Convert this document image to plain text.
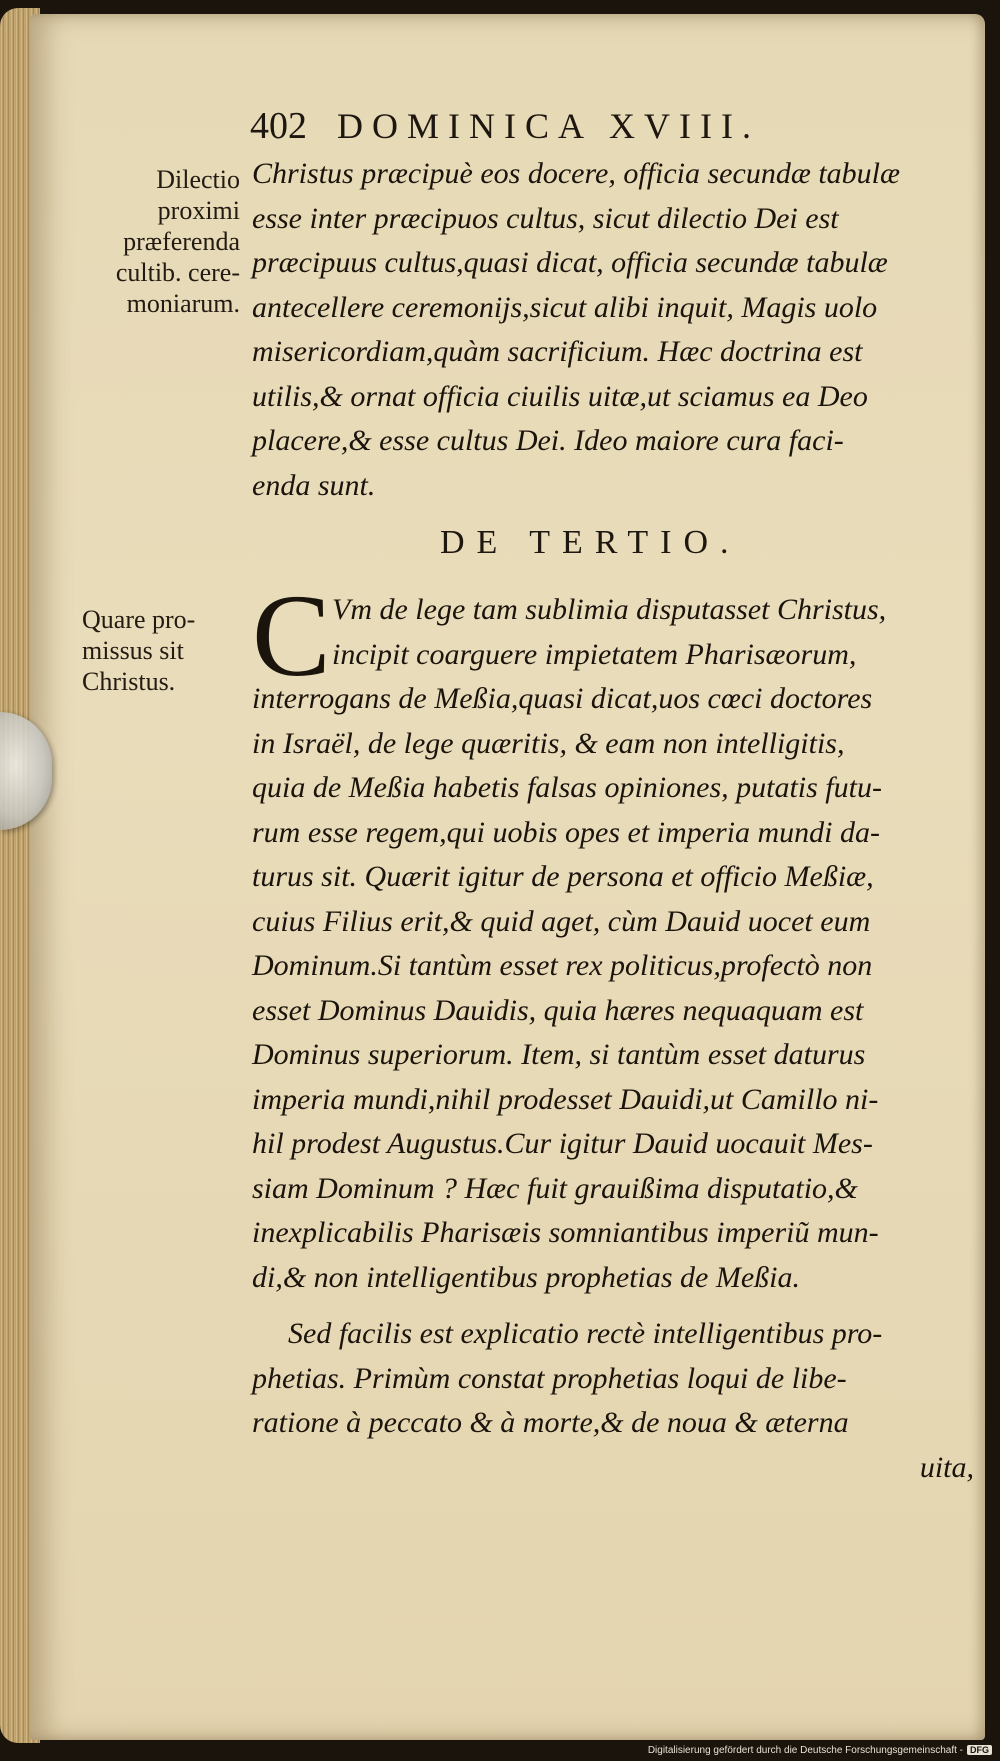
402 DOMINICA XVIII.
Dilectio
proximi
præferenda
cultib. cere-
moniarum.
Christus præcipuè eos docere, officia secundæ tabulæ
esse inter præcipuos cultus, sicut dilectio Dei est
præcipuus cultus,quasi dicat, officia secundæ tabulæ
antecellere ceremonijs,sicut alibi inquit, Magis uolo
misericordiam,quàm sacrificium. Hæc doctrina est
utilis,& ornat officia ciuilis uitæ,ut sciamus ea Deo
placere,& esse cultus Dei. Ideo maiore cura faci-
enda sunt.
DE TERTIO.
Quare pro-
missus sit
Christus. C Vm de lege tam sublimia disputasset Christus,
incipit coarguere impietatem Pharisæorum,
interrogans de Meßia,quasi dicat,uos cœci doctores
in Israël, de lege quæritis, & eam non intelligitis,
quia de Meßia habetis falsas opiniones, putatis futu-
rum esse regem,qui uobis opes et imperia mundi da-
turus sit. Quærit igitur de persona et officio Meßiæ,
cuius Filius erit,& quid aget, cùm Dauid uocet eum
Dominum.Si tantùm esset rex politicus,profectò non
esset Dominus Dauidis, quia hæres nequaquam est
Dominus superiorum. Item, si tantùm esset daturus
imperia mundi,nihil prodesset Dauidi,ut Camillo ni-
hil prodest Augustus.Cur igitur Dauid uocauit Mes-
siam Dominum ? Hæc fuit grauißima disputatio,&
inexplicabilis Pharisæis somniantibus imperiũ mun-
di,& non intelligentibus prophetias de Meßia.
Sed facilis est explicatio rectè intelligentibus pro-
phetias. Primùm constat prophetias loqui de libe-
ratione à peccato & à morte,& de noua & æterna
uita,
Digitalisierung gefördert durch die Deutsche Forschungsgemeinschaft - DFG
